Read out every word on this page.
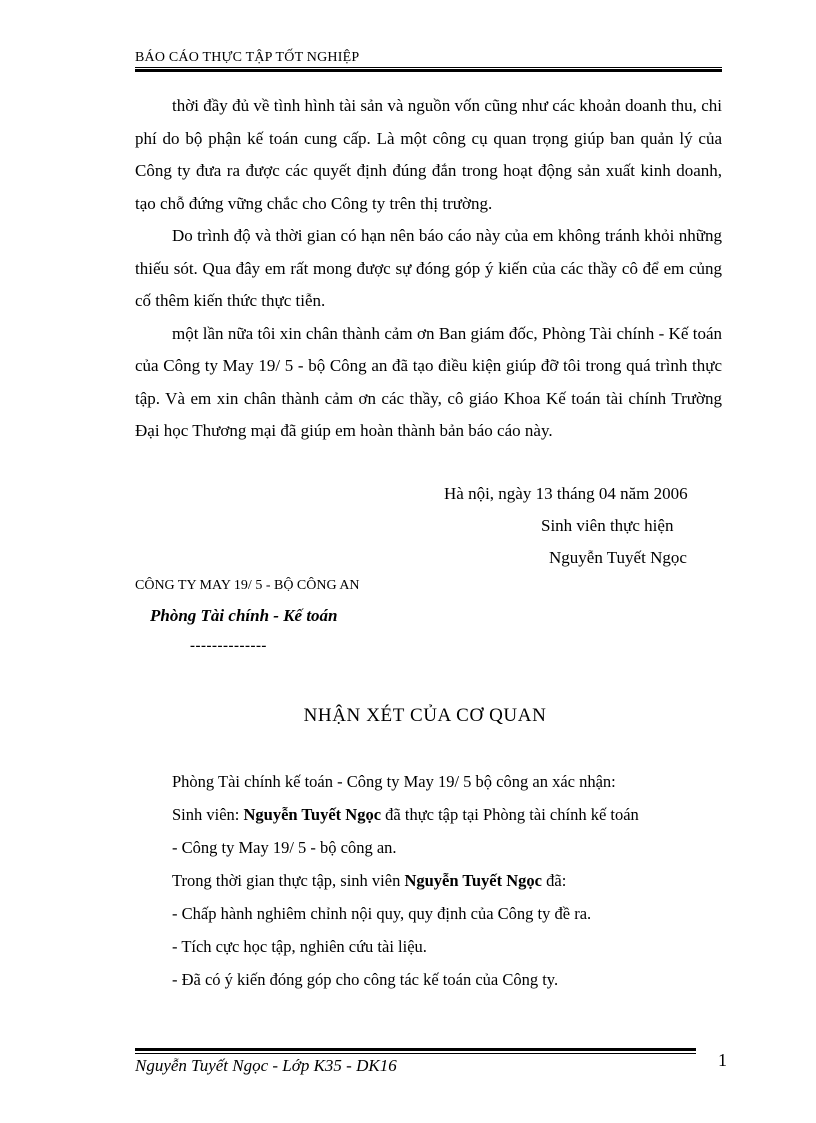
BÁO CÁO THỰC TẬP TỐT NGHIỆP

thời đầy đủ về tình hình tài sản và nguồn vốn cũng như các khoản doanh thu, chi phí do bộ phận kế toán cung cấp. Là một công cụ quan trọng giúp ban quản lý của Công ty đưa ra được các quyết định đúng đắn trong hoạt động sản xuất kinh doanh, tạo chỗ đứng vững chắc cho Công ty trên thị trường.

Do trình độ và thời gian có hạn nên báo cáo này của em không tránh khỏi những thiếu sót. Qua đây em rất mong được sự đóng góp ý kiến của các thầy cô để em củng cố thêm kiến thức thực tiễn.

một lần nữa tôi xin chân thành cảm ơn Ban giám đốc, Phòng Tài chính - Kế toán của Công ty May 19/ 5 - bộ Công an đã tạo điều kiện giúp đỡ tôi trong quá trình thực tập. Và em xin chân thành cảm ơn các thầy, cô giáo Khoa Kế toán tài chính Trường Đại học Thương mại đã giúp em hoàn thành bản báo cáo này.

Hà nội, ngày 13 tháng 04 năm 2006
Sinh viên thực hiện
Nguyễn Tuyết Ngọc
CÔNG TY MAY 19/ 5 - BỘ CÔNG AN
Phòng Tài chính - Kế toán
--------------
NHẬN XÉT CỦA CƠ QUAN
Phòng Tài chính kế toán - Công ty May 19/ 5 bộ công an xác nhận:
Sinh viên: Nguyễn Tuyết Ngọc đã thực tập tại Phòng tài chính kế toán
- Công ty May 19/ 5 - bộ công an.
Trong thời gian thực tập, sinh viên Nguyễn Tuyết Ngọc đã:
- Chấp hành nghiêm chỉnh nội quy, quy định của Công ty đề ra.
- Tích cực học tập, nghiên cứu tài liệu.
- Đã có ý kiến đóng góp cho công tác kế toán của Công ty.
Nguyễn Tuyết Ngọc - Lớp K35 - DK16	1
